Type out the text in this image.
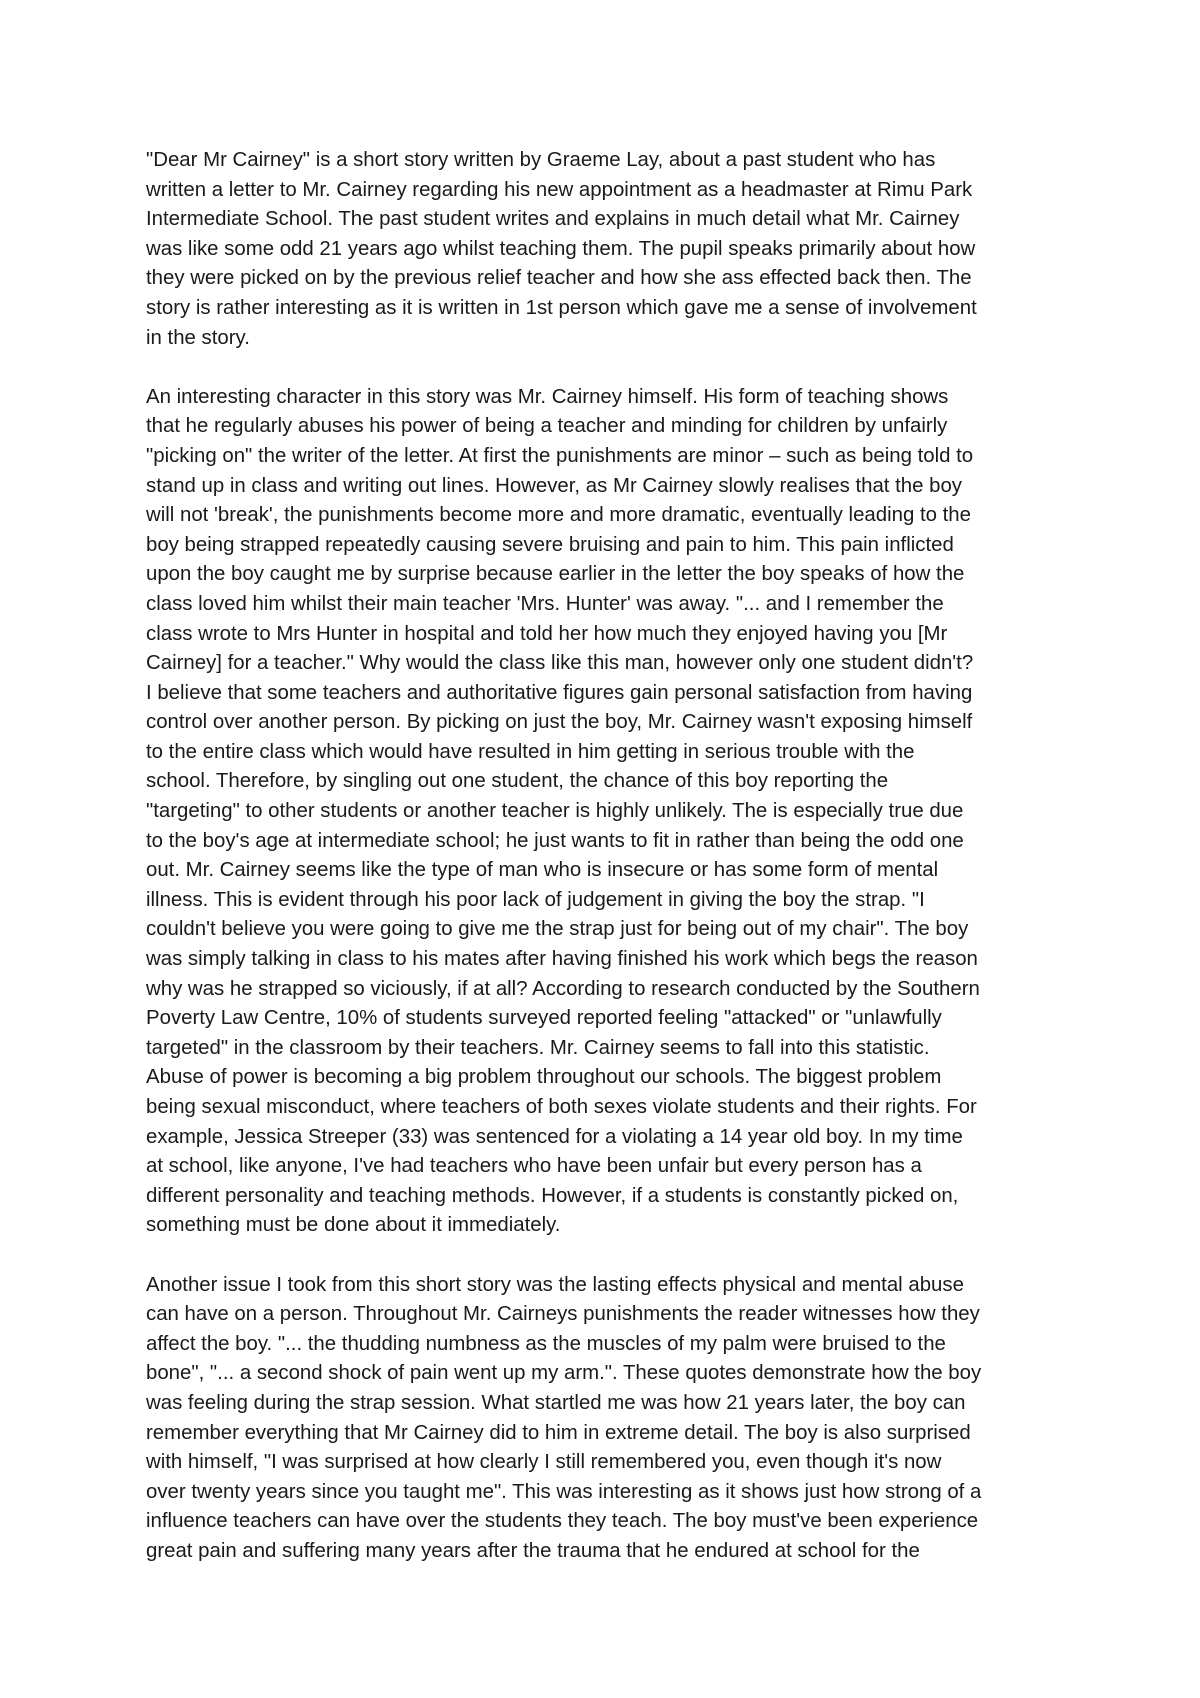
"Dear Mr Cairney" is a short story written by Graeme Lay, about a past student who has
written a letter to Mr. Cairney regarding his new appointment as a headmaster at Rimu Park
Intermediate School. The past student writes and explains in much detail what Mr. Cairney
was like some odd 21 years ago whilst teaching them. The pupil speaks primarily about how
they were picked on by the previous relief teacher and how she ass effected back then. The
story is rather interesting as it is written in 1st person which gave me a sense of involvement
in the story.

An interesting character in this story was Mr. Cairney himself. His form of teaching shows
that he regularly abuses his power of being a teacher and minding for children by unfairly
"picking on" the writer of the letter. At first the punishments are minor – such as being told to
stand up in class and writing out lines. However, as Mr Cairney slowly realises that the boy
will not 'break', the punishments become more and more dramatic, eventually leading to the
boy being strapped repeatedly causing severe bruising and pain to him. This pain inflicted
upon the boy caught me by surprise because earlier in the letter the boy speaks of how the
class loved him whilst their main teacher 'Mrs. Hunter' was away. "... and I remember the
class wrote to Mrs Hunter in hospital and told her how much they enjoyed having you [Mr
Cairney] for a teacher." Why would the class like this man, however only one student didn't?
I believe that some teachers and authoritative figures gain personal satisfaction from having
control over another person. By picking on just the boy, Mr. Cairney wasn't exposing himself
to the entire class which would have resulted in him getting in serious trouble with the
school. Therefore, by singling out one student, the chance of this boy reporting the
"targeting" to other students or another teacher is highly unlikely. The is especially true due
to the boy's age at intermediate school; he just wants to fit in rather than being the odd one
out. Mr. Cairney seems like the type of man who is insecure or has some form of mental
illness. This is evident through his poor lack of judgement in giving the boy the strap. "I
couldn't believe you were going to give me the strap just for being out of my chair". The boy
was simply talking in class to his mates after having finished his work which begs the reason
why was he strapped so viciously, if at all? According to research conducted by the Southern
Poverty Law Centre, 10% of students surveyed reported feeling "attacked" or "unlawfully
targeted" in the classroom by their teachers. Mr. Cairney seems to fall into this statistic.
Abuse of power is becoming a big problem throughout our schools. The biggest problem
being sexual misconduct, where teachers of both sexes violate students and their rights. For
example, Jessica Streeper (33) was sentenced for a violating a 14 year old boy. In my time
at school, like anyone, I've had teachers who have been unfair but every person has a
different personality and teaching methods. However, if a students is constantly picked on,
something must be done about it immediately.

Another issue I took from this short story was the lasting effects physical and mental abuse
can have on a person. Throughout Mr. Cairneys punishments the reader witnesses how they
affect the boy. "... the thudding numbness as the muscles of my palm were bruised to the
bone", "... a second shock of pain went up my arm.". These quotes demonstrate how the boy
was feeling during the strap session. What startled me was how 21 years later, the boy can
remember everything that Mr Cairney did to him in extreme detail. The boy is also surprised
with himself, "I was surprised at how clearly I still remembered you, even though it's now
over twenty years since you taught me". This was interesting as it shows just how strong of a
influence teachers can have over the students they teach. The boy must've been experience
great pain and suffering many years after the trauma that he endured at school for the
